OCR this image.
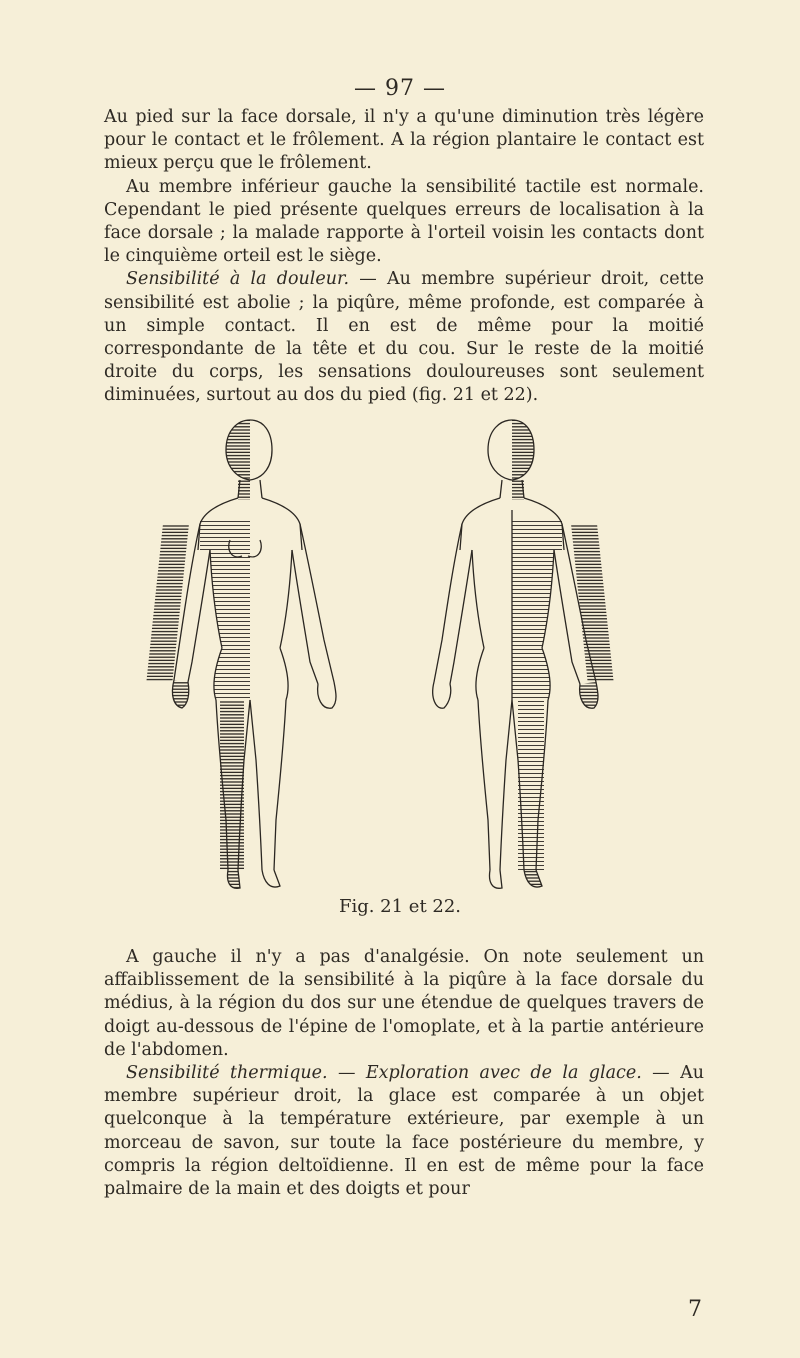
— 97 —

Au pied sur la face dorsale, il n'y a qu'une diminution très légère pour le contact et le frôlement. A la région plantaire le contact est mieux perçu que le frôlement.

Au membre inférieur gauche la sensibilité tactile est normale. Cependant le pied présente quelques erreurs de localisation à la face dorsale ; la malade rapporte à l'orteil voisin les contacts dont le cinquième orteil est le siège.

Sensibilité à la douleur. — Au membre supérieur droit, cette sensibilité est abolie ; la piqûre, même profonde, est comparée à un simple contact. Il en est de même pour la moitié correspondante de la tête et du cou. Sur le reste de la moitié droite du corps, les sensations douloureuses sont seulement diminuées, surtout au dos du pied (fig. 21 et 22).

Fig. 21 et 22.

A gauche il n'y a pas d'analgésie. On note seulement un affaiblissement de la sensibilité à la piqûre à la face dorsale du médius, à la région du dos sur une étendue de quelques travers de doigt au-dessous de l'épine de l'omoplate, et à la partie antérieure de l'abdomen.

Sensibilité thermique. — Exploration avec de la glace. — Au membre supérieur droit, la glace est comparée à un objet quelconque à la température extérieure, par exemple à un morceau de savon, sur toute la face postérieure du membre, y compris la région deltoïdienne. Il en est de même pour la face palmaire de la main et des doigts et pour

7
